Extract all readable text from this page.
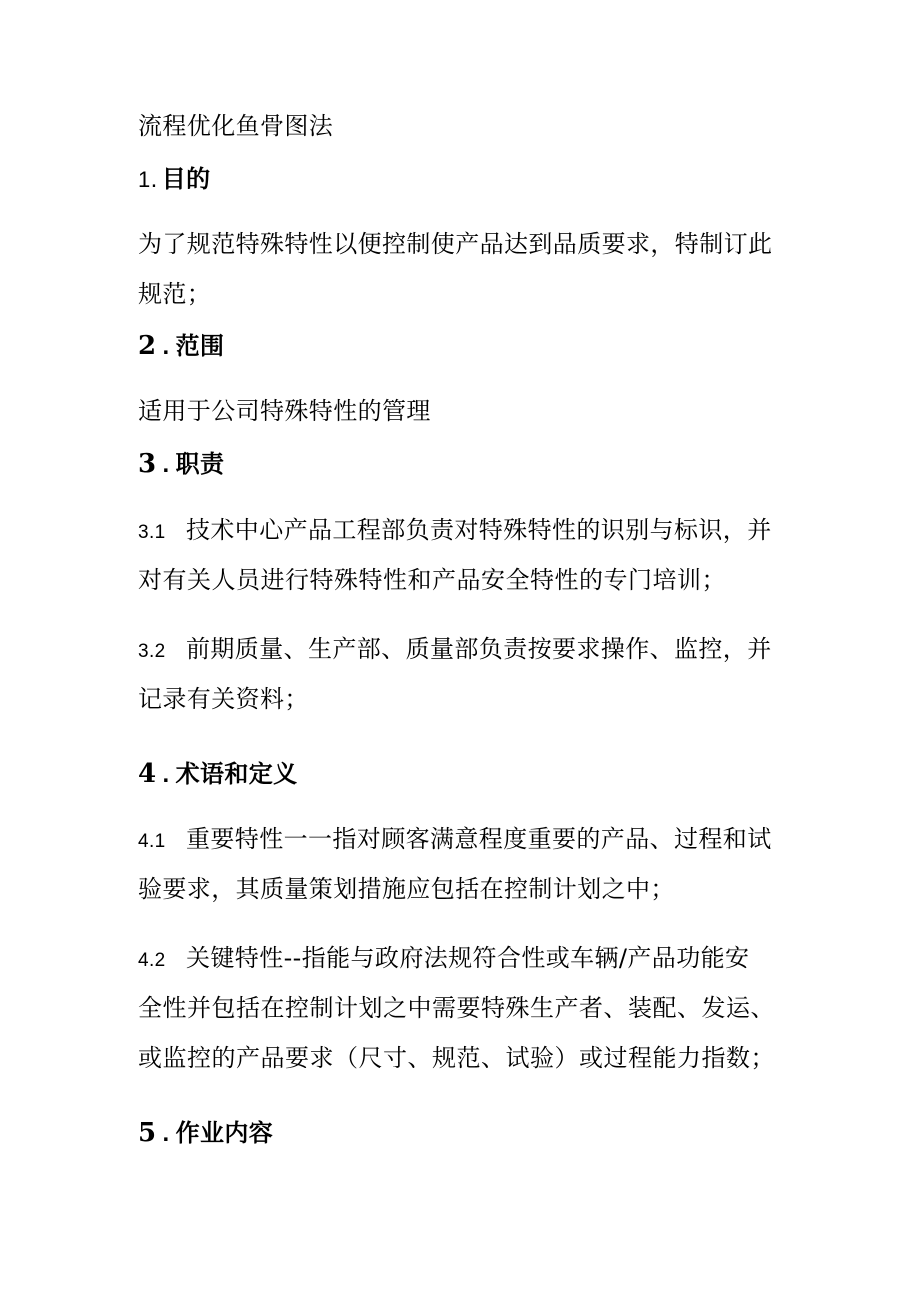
流程优化鱼骨图法
1. 目的
为了规范特殊特性以便控制使产品达到品质要求，特制订此
规范；
2 . 范围
适用于公司特殊特性的管理
3 . 职责
3.1 技术中心产品工程部负责对特殊特性的识别与标识，并
对有关人员进行特殊特性和产品安全特性的专门培训；
3.2 前期质量、生产部、质量部负责按要求操作、监控，并
记录有关资料；
4 . 术语和定义
4.1 重要特性一一指对顾客满意程度重要的产品、过程和试
验要求，其质量策划措施应包括在控制计划之中；
4.2 关键特性--指能与政府法规符合性或车辆/产品功能安
全性并包括在控制计划之中需要特殊生产者、装配、发运、
或监控的产品要求（尺寸、规范、试验）或过程能力指数；
5 . 作业内容
